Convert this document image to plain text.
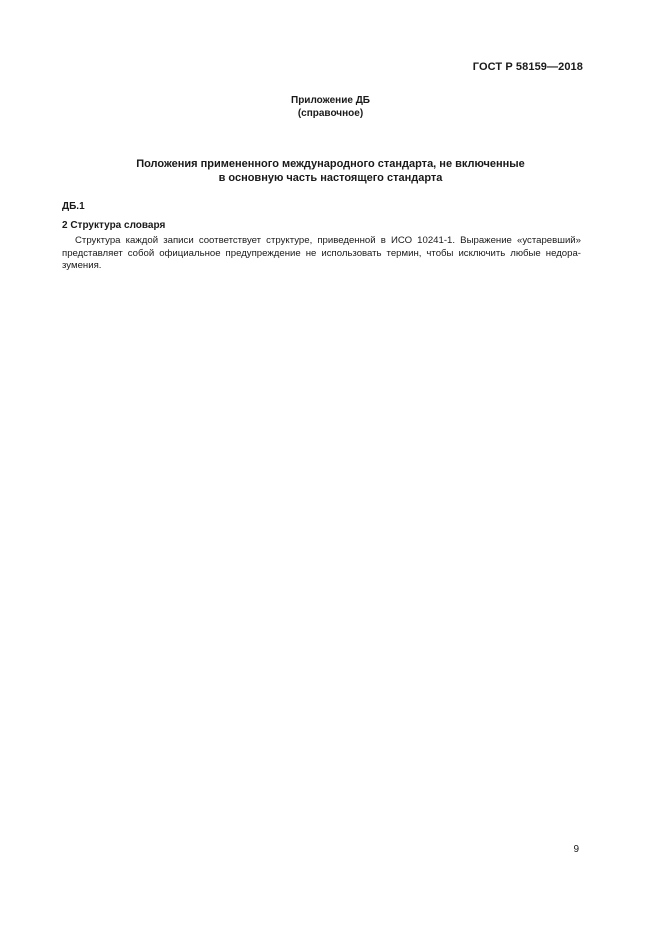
ГОСТ Р 58159—2018
Приложение ДБ
(справочное)
Положения примененного международного стандарта, не включенные
в основную часть настоящего стандарта
ДБ.1
2 Структура словаря
Структура каждой записи соответствует структуре, приведенной в ИСО 10241-1. Выражение «устаревший»
представляет собой официальное предупреждение не использовать термин, чтобы исключить любые недора-
зумения.
9
